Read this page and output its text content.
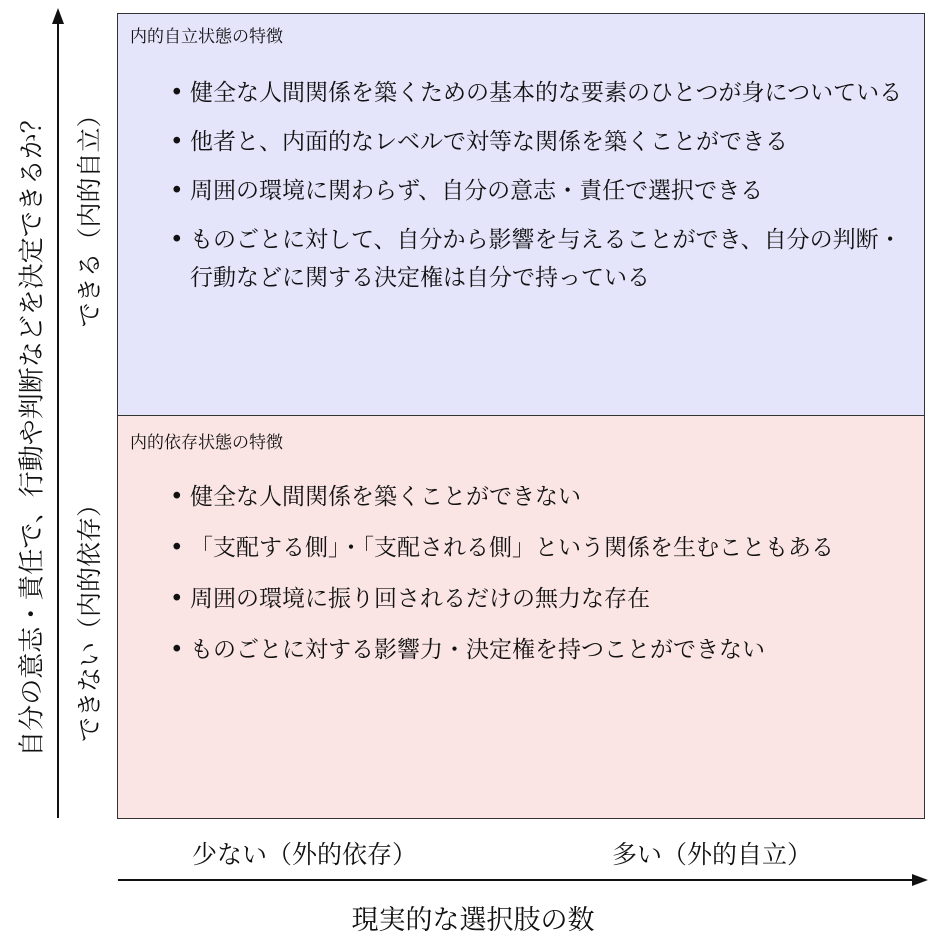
自分の意志・責任で、行動や判断などを決定できるか？ できる（内的自立）
できない（内的依存）
内的自立状態の特徴
• 健全な人間関係を築くための基本的な要素のひとつが身についている
• 他者と、内面的なレベルで対等な関係を築くことができる
• 周囲の環境に関わらず、自分の意志・責任で選択できる
• ものごとに対して、自分から影響を与えることができ、自分の判断・行動などに関する決定権は自分で持っている
内的依存状態の特徴
• 健全な人間関係を築くことができない
• 「支配する側」・「支配される側」という関係を生むこともある
• 周囲の環境に振り回されるだけの無力な存在
• ものごとに対する影響力・決定権を持つことができない
少ない（外的依存）	多い（外的自立）
現実的な選択肢の数
